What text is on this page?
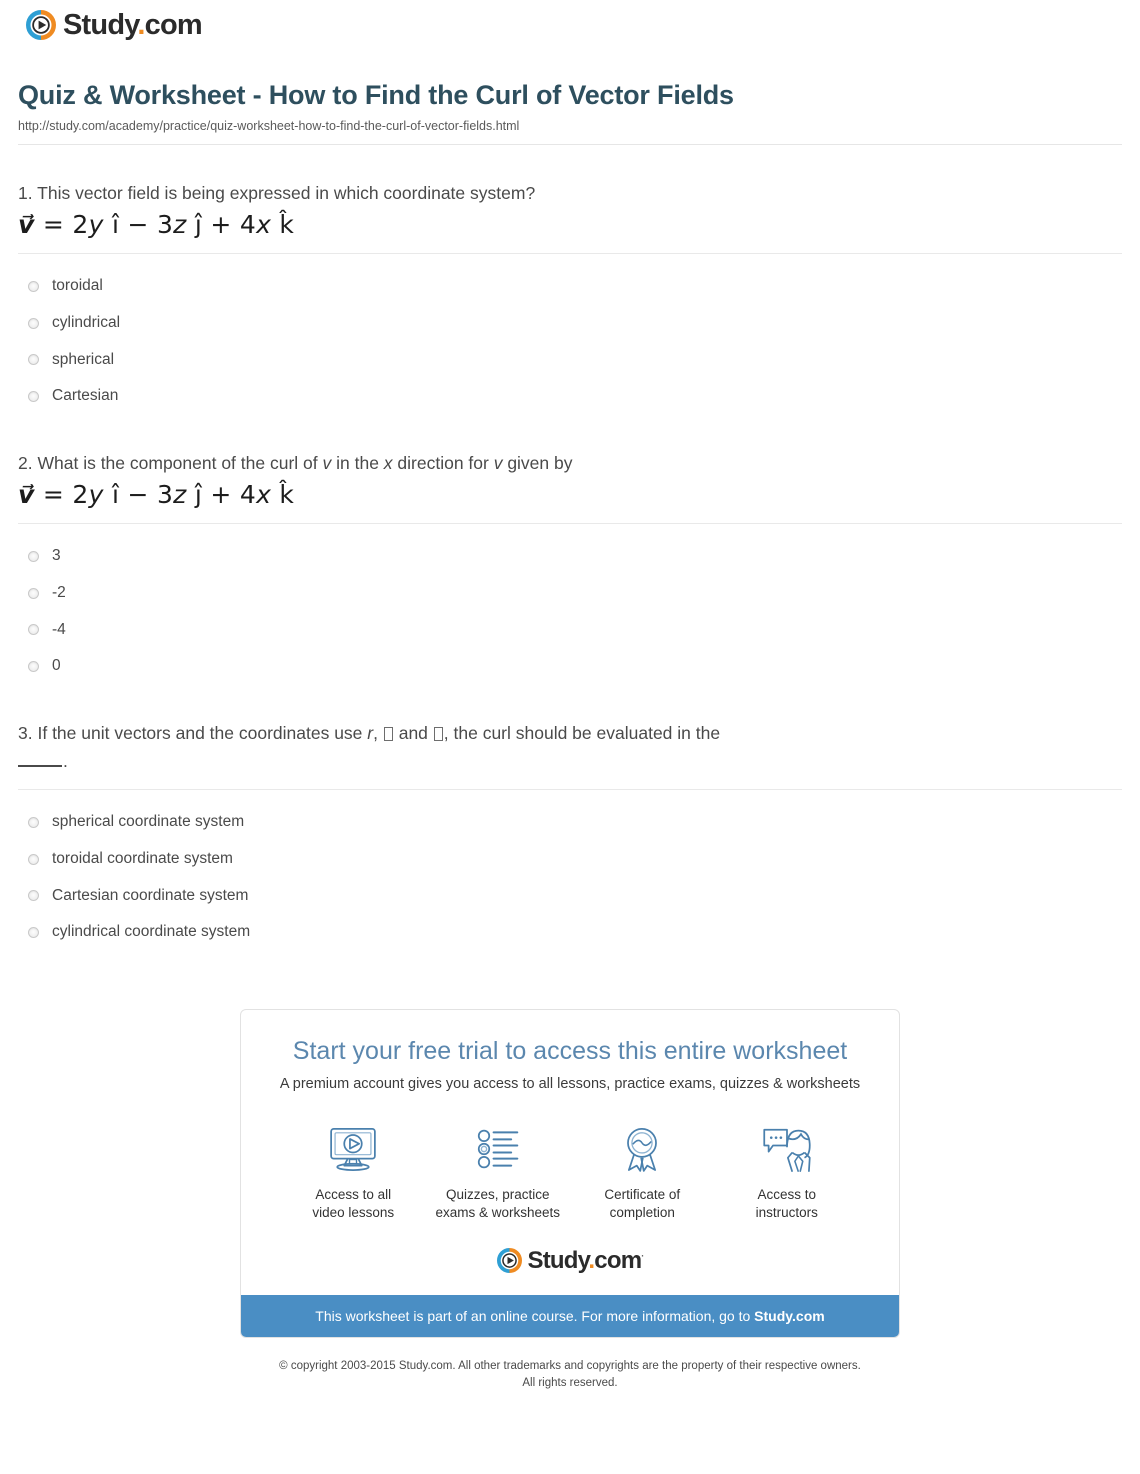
Study.com
Quiz & Worksheet - How to Find the Curl of Vector Fields
http://study.com/academy/practice/quiz-worksheet-how-to-find-the-curl-of-vector-fields.html

1. This vector field is being expressed in which coordinate system?

v⃗ = 2y î − 3z ĵ + 4x k̂
toroidal
cylindrical
spherical
Cartesian

2. What is the component of the curl of v in the x direction for v given by

v⃗ = 2y î − 3z ĵ + 4x k̂
3
-2
-4
0

3. If the unit vectors and the coordinates use r,  and , the curl should be evaluated in the
.

spherical coordinate system
toroidal coordinate system
Cartesian coordinate system
cylindrical coordinate system
Start your free trial to access this entire worksheet
A premium account gives you access to all lessons, practice exams, quizzes & worksheets
Access to all
video lessons
Quizzes, practice
exams & worksheets
Certificate of
completion
Access to
instructors
Study.com·
This worksheet is part of an online course. For more information, go to Study.com
© copyright 2003-2015 Study.com. All other trademarks and copyrights are the property of their respective owners.
All rights reserved.
